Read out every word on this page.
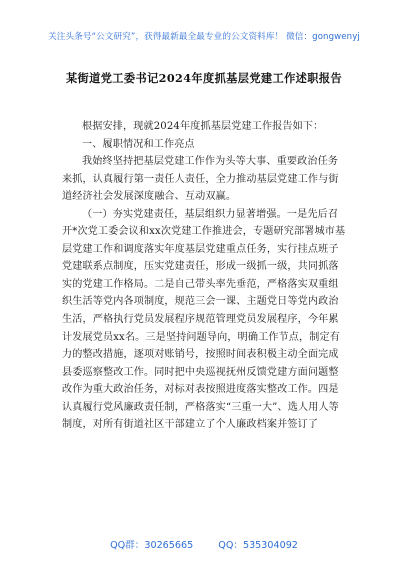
关注头条号“公文研究”，获得最新最全最专业的公文资料库！ 微信：gongwenyj
某街道党工委书记2024年度抓基层党建工作述职报告

根据安排，现就2024年度抓基层党建工作报告如下：

一、履职情况和工作亮点

我始终坚持把基层党建工作作为头等大事、重要政治任务来抓，认真履行第一责任人责任，全力推动基层党建工作与街道经济社会发展深度融合、互动双赢。

（一）夯实党建责任，基层组织力显著增强。一是先后召开*次党工委会议和xx次党建工作推进会，专题研究部署城市基层党建工作和调度落实年度基层党建重点任务，实行挂点班子党建联系点制度，压实党建责任，形成一级抓一级，共同抓落实的党建工作格局。二是自己带头率先垂范，严格落实双重组织生活等党内各项制度，规范三会一课、主题党日等党内政治生活，严格执行党员发展程序规范管理党员发展程序，今年累计发展党员xx名。三是坚持问题导向，明确工作节点，制定有力的整改措施，逐项对账销号，按照时间表积极主动全面完成县委巡察整改工作。同时把中央巡视抚州反馈党建方面问题整改作为重大政治任务，对标对表按照进度落实整改工作。四是认真履行党风廉政责任制，严格落实“三重一大”、选人用人等制度，对所有街道社区干部建立了个人廉政档案并签订了

QQ群：30265665	QQ：535304092
